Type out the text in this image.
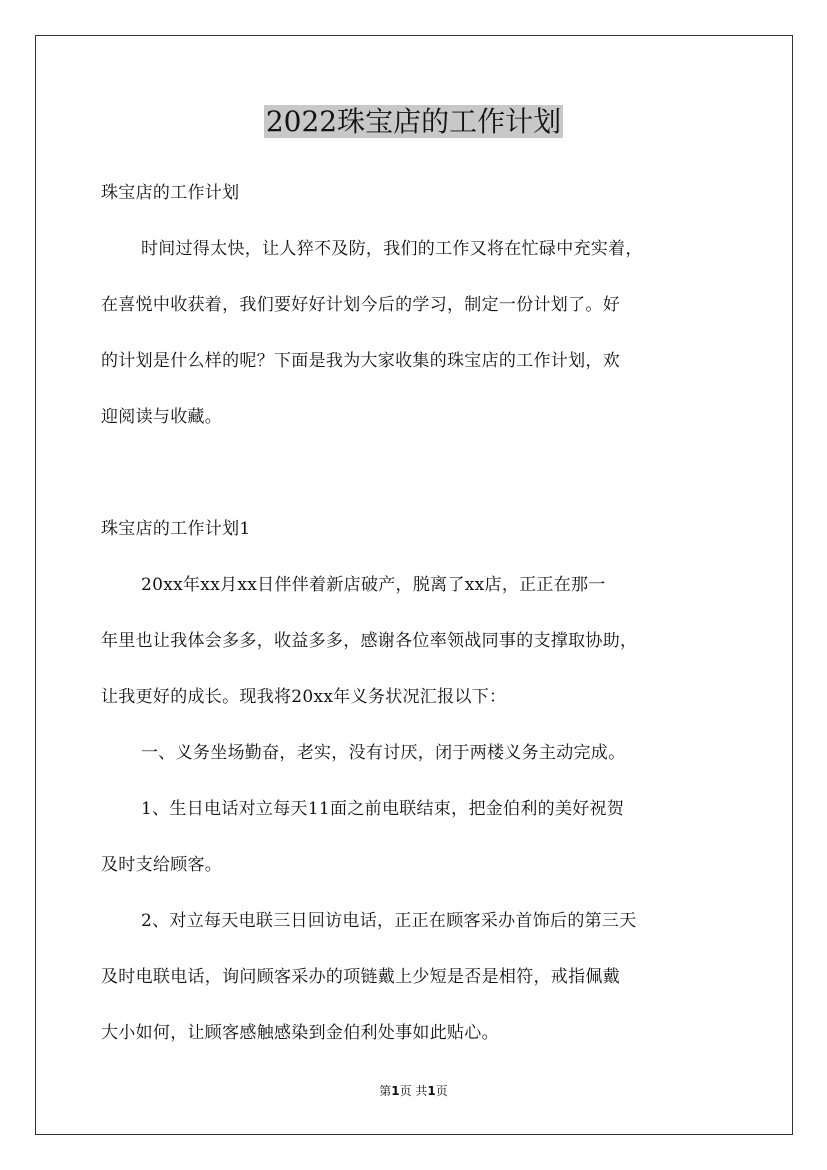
2022珠宝店的工作计划

珠宝店的工作计划

时间过得太快，让人猝不及防，我们的工作又将在忙碌中充实着，

在喜悦中收获着，我们要好好计划今后的学习，制定一份计划了。好

的计划是什么样的呢？下面是我为大家收集的珠宝店的工作计划，欢

迎阅读与收藏。

珠宝店的工作计划1

20xx年xx月xx日伴伴着新店破产，脱离了xx店，正正在那一

年里也让我体会多多，收益多多，感谢各位率领战同事的支撑取协助，

让我更好的成长。现我将20xx年义务状况汇报以下：

一、义务坐场勤奋，老实，没有讨厌，闭于两楼义务主动完成。

1、生日电话对立每天11面之前电联结束，把金伯利的美好祝贺

及时支给顾客。

2、对立每天电联三日回访电话，正正在顾客采办首饰后的第三天

及时电联电话，询问顾客采办的项链戴上少短是否是相符，戒指佩戴

大小如何，让顾客感触感染到金伯利处事如此贴心。

第1页 共1页
